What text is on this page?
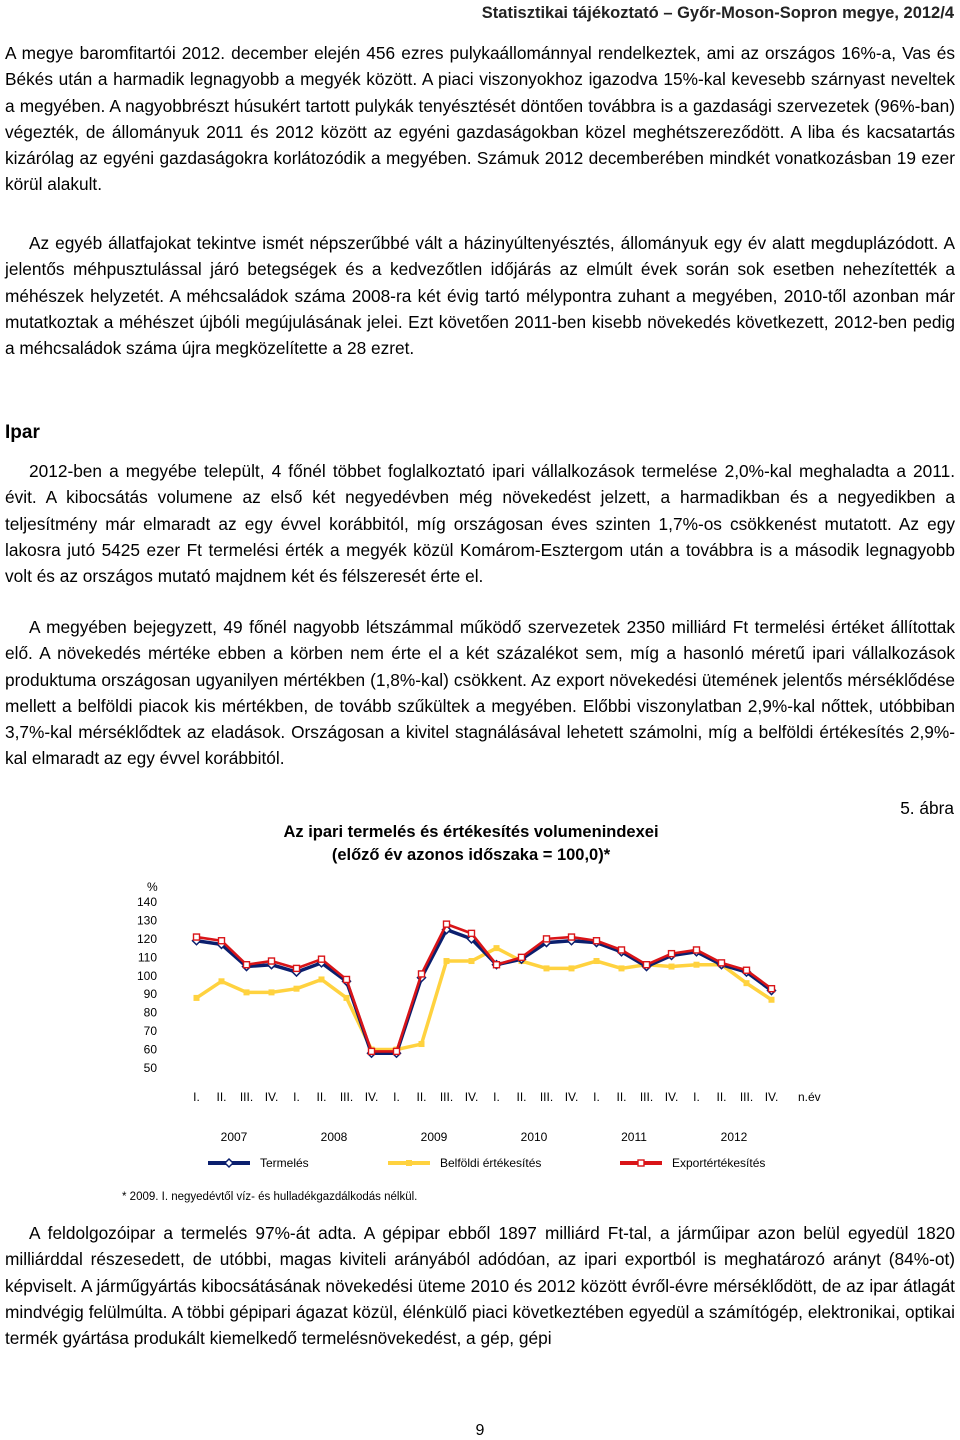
Statisztikai tájékoztató – Győr-Moson-Sopron megye, 2012/4

A megye baromfitartói 2012. december elején 456 ezres pulykaállománnyal rendelkeztek, ami az országos 16%-a, Vas és Békés után a harmadik legnagyobb a megyék között. A piaci viszonyokhoz igazodva 15%-kal kevesebb szárnyast neveltek a megyében. A nagyobbrészt húsukért tartott pulykák tenyésztését döntően továbbra is a gazdasági szervezetek (96%-ban) végezték, de állományuk 2011 és 2012 között az egyéni gazdaságokban közel meghétszereződött. A liba és kacsatartás kizárólag az egyéni gazdaságokra korlátozódik a megyében. Számuk 2012 decemberében mindkét vonatkozásban 19 ezer körül alakult.

Az egyéb állatfajokat tekintve ismét népszerűbbé vált a házinyúltenyésztés, állományuk egy év alatt megduplázódott. A jelentős méhpusztulással járó betegségek és a kedvezőtlen időjárás az elmúlt évek során sok esetben nehezítették a méhészek helyzetét. A méhcsaládok száma 2008-ra két évig tartó mélypontra zuhant a megyében, 2010-től azonban már mutatkoztak a méhészet újbóli megújulásának jelei. Ezt követően 2011-ben kisebb növekedés következett, 2012-ben pedig a méhcsaládok száma újra megközelítette a 28 ezret.

Ipar

2012-ben a megyébe települt, 4 főnél többet foglalkoztató ipari vállalkozások termelése 2,0%-kal meghaladta a 2011. évit. A kibocsátás volumene az első két negyedévben még növekedést jelzett, a harmadikban és a negyedikben a teljesítmény már elmaradt az egy évvel korábbitól, míg országosan éves szinten 1,7%-os csökkenést mutatott. Az egy lakosra jutó 5425 ezer Ft termelési érték a megyék közül Komárom-Esztergom után a továbbra is a második legnagyobb volt és az országos mutató majdnem két és félszeresét érte el.

A megyében bejegyzett, 49 főnél nagyobb létszámmal működő szervezetek 2350 milliárd Ft termelési értéket állítottak elő. A növekedés mértéke ebben a körben nem érte el a két százalékot sem, míg a hasonló méretű ipari vállalkozások produktuma országosan ugyanilyen mértékben (1,8%-kal) csökkent. Az export növekedési ütemének jelentős mérséklődése mellett a belföldi piacok kis mértékben, de tovább szűkültek a megyében. Előbbi viszonylatban 2,9%-kal nőttek, utóbbiban 3,7%-kal mérséklődtek az eladások. Országosan a kivitel stagnálásával lehetett számolni, míg a belföldi értékesítés 2,9%-kal elmaradt az egy évvel korábbitól.

5. ábra
Az ipari termelés és értékesítés volumenindexei
(előző év azonos időszaka = 100,0)*
%
50
60
70
80
90
100
110
120
130
140
I. II. III. IV. I. II. III. IV. I. II. III. IV. I. II. III. IV. I. II. III. IV. I. II. III. IV. n.év
2007	2008	2009	2010	2011	2012
Termelés	Belföldi értékesítés	Exportértékesítés
* 2009. I. negyedévtől víz- és hulladékgazdálkodás nélkül.

A feldolgozóipar a termelés 97%-át adta. A gépipar ebből 1897 milliárd Ft-tal, a járműipar azon belül egyedül 1820 milliárddal részesedett, de utóbbi, magas kiviteli arányából adódóan, az ipari exportból is meghatározó arányt (84%-ot) képviselt. A járműgyártás kibocsátásának növekedési üteme 2010 és 2012 között évről-évre mérséklődött, de az ipar átlagát mindvégig felülmúlta. A többi gépipari ágazat közül, élénkülő piaci következtében egyedül a számítógép, elektronikai, optikai termék gyártása produkált kiemelkedő termelésnövekedést, a gép, gépi

9
